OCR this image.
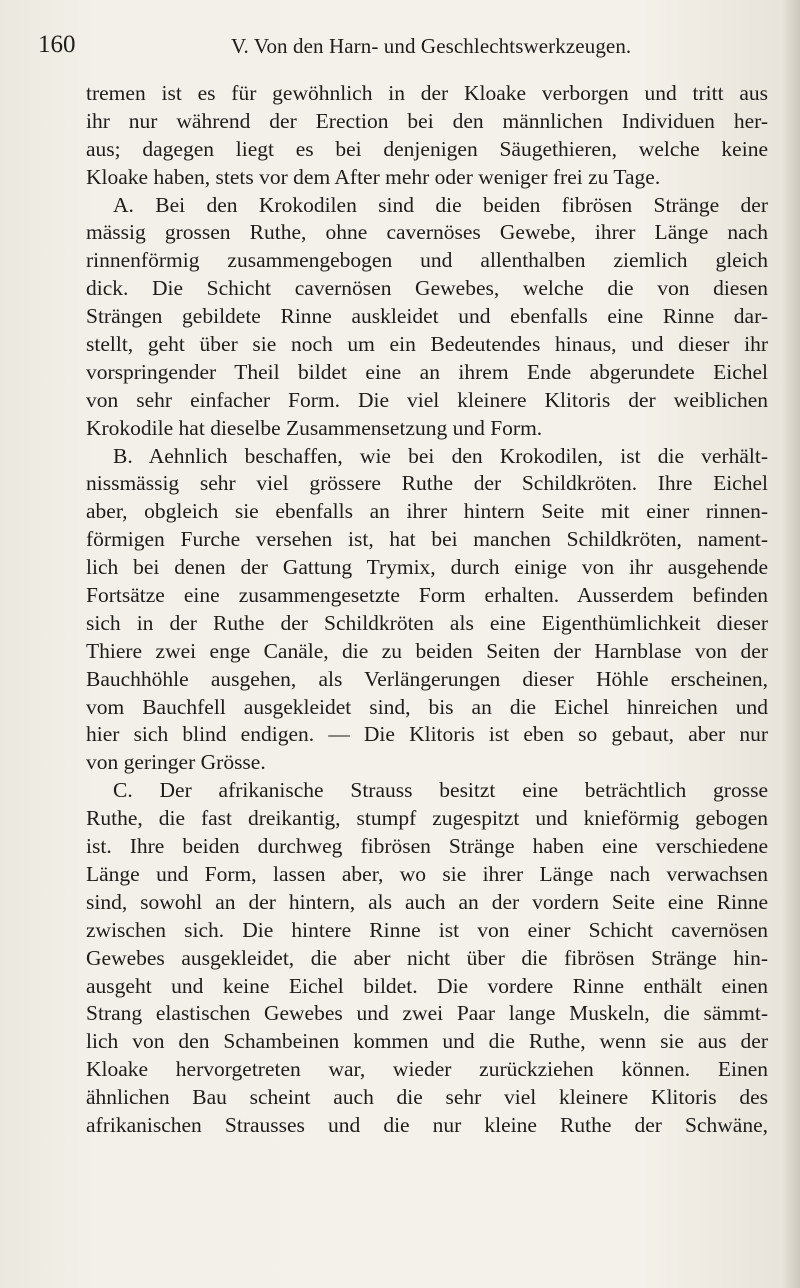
160	V. Von den Harn- und Geschlechtswerkzeugen.
tremen ist es für gewöhnlich in der Kloake verborgen und tritt aus
ihr nur während der Erection bei den männlichen Individuen her-
aus; dagegen liegt es bei denjenigen Säugethieren, welche keine
Kloake haben, stets vor dem After mehr oder weniger frei zu Tage.
A. Bei den Krokodilen sind die beiden fibrösen Stränge der
mässig grossen Ruthe, ohne cavernöses Gewebe, ihrer Länge nach
rinnenförmig zusammengebogen und allenthalben ziemlich gleich
dick. Die Schicht cavernösen Gewebes, welche die von diesen
Strängen gebildete Rinne auskleidet und ebenfalls eine Rinne dar-
stellt, geht über sie noch um ein Bedeutendes hinaus, und dieser ihr
vorspringender Theil bildet eine an ihrem Ende abgerundete Eichel
von sehr einfacher Form. Die viel kleinere Klitoris der weiblichen
Krokodile hat dieselbe Zusammensetzung und Form.
B. Aehnlich beschaffen, wie bei den Krokodilen, ist die verhält-
nissmässig sehr viel grössere Ruthe der Schildkröten. Ihre Eichel
aber, obgleich sie ebenfalls an ihrer hintern Seite mit einer rinnen-
förmigen Furche versehen ist, hat bei manchen Schildkröten, nament-
lich bei denen der Gattung Trymix, durch einige von ihr ausgehende
Fortsätze eine zusammengesetzte Form erhalten. Ausserdem befinden
sich in der Ruthe der Schildkröten als eine Eigenthümlichkeit dieser
Thiere zwei enge Canäle, die zu beiden Seiten der Harnblase von der
Bauchhöhle ausgehen, als Verlängerungen dieser Höhle erscheinen,
vom Bauchfell ausgekleidet sind, bis an die Eichel hinreichen und
hier sich blind endigen. — Die Klitoris ist eben so gebaut, aber nur
von geringer Grösse.
C. Der afrikanische Strauss besitzt eine beträchtlich grosse
Ruthe, die fast dreikantig, stumpf zugespitzt und knieförmig gebogen
ist. Ihre beiden durchweg fibrösen Stränge haben eine verschiedene
Länge und Form, lassen aber, wo sie ihrer Länge nach verwachsen
sind, sowohl an der hintern, als auch an der vordern Seite eine Rinne
zwischen sich. Die hintere Rinne ist von einer Schicht cavernösen
Gewebes ausgekleidet, die aber nicht über die fibrösen Stränge hin-
ausgeht und keine Eichel bildet. Die vordere Rinne enthält einen
Strang elastischen Gewebes und zwei Paar lange Muskeln, die sämmt-
lich von den Schambeinen kommen und die Ruthe, wenn sie aus der
Kloake hervorgetreten war, wieder zurückziehen können. Einen
ähnlichen Bau scheint auch die sehr viel kleinere Klitoris des
afrikanischen Strausses und die nur kleine Ruthe der Schwäne,
